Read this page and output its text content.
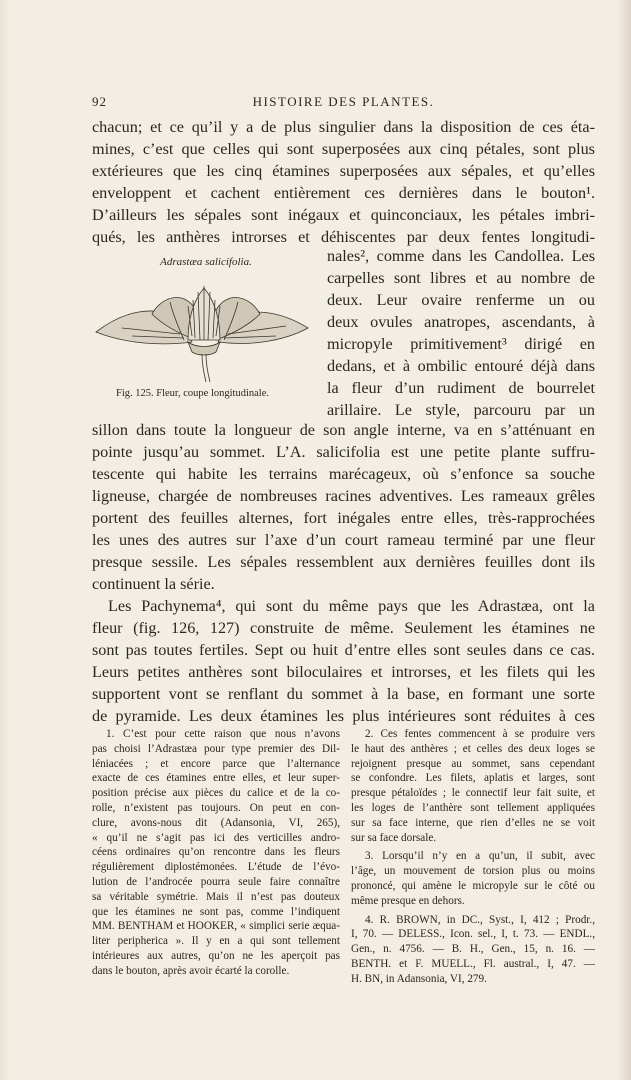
92	HISTOIRE DES PLANTES.
chacun; et ce qu’il y a de plus singulier dans la disposition de ces éta-
mines, c’est que celles qui sont superposées aux cinq pétales, sont plus
extérieures que les cinq étamines superposées aux sépales, et qu’elles
enveloppent et cachent entièrement ces dernières dans le bouton¹.
D’ailleurs les sépales sont inégaux et quinconciaux, les pétales imbri-
qués, les anthères introrses et déhiscentes par deux fentes longitudi-
Adrastæa salicifolia.
Fig. 125. Fleur, coupe longitudinale.
nales², comme dans les Candollea. Les
carpelles sont libres et au nombre de
deux. Leur ovaire renferme un ou
deux ovules anatropes, ascendants, à
micropyle primitivement³ dirigé en
dedans, et à ombilic entouré déjà dans
la fleur d’un rudiment de bourrelet
arillaire. Le style, parcouru par un
sillon dans toute la longueur de son angle interne, va en s’atténuant en
pointe jusqu’au sommet. L’A. salicifolia est une petite plante suffru-
tescente qui habite les terrains marécageux, où s’enfonce sa souche
ligneuse, chargée de nombreuses racines adventives. Les rameaux grêles
portent des feuilles alternes, fort inégales entre elles, très-rapprochées
les unes des autres sur l’axe d’un court rameau terminé par une fleur
presque sessile. Les sépales ressemblent aux dernières feuilles dont ils
continuent la série.
Les Pachynema⁴, qui sont du même pays que les Adrastæa, ont la
fleur (fig. 126, 127) construite de même. Seulement les étamines ne
sont pas toutes fertiles. Sept ou huit d’entre elles sont seules dans ce cas.
Leurs petites anthères sont biloculaires et introrses, et les filets qui les
supportent vont se renflant du sommet à la base, en formant une sorte
de pyramide. Les deux étamines les plus intérieures sont réduites à ces
1. C’est pour cette raison que nous n’avons
pas choisi l’Adrastæa pour type premier des Dil-
léniacées ; et encore parce que l’alternance
exacte de ces étamines entre elles, et leur super-
position précise aux pièces du calice et de la co-
rolle, n’existent pas toujours. On peut en con-
clure, avons-nous dit (Adansonia, VI, 265),
« qu’il ne s’agit pas ici des verticilles andro-
céens ordinaires qu’on rencontre dans les fleurs
régulièrement diplostémonées. L’étude de l’évo-
lution de l’androcée pourra seule faire connaître
sa véritable symétrie. Mais il n’est pas douteux
que les étamines ne sont pas, comme l’indiquent
MM. BENTHAM et HOOKER, « simplici serie æqua-
liter peripherica ». Il y en a qui sont tellement
intérieures aux autres, qu’on ne les aperçoit pas
dans le bouton, après avoir écarté la corolle.
2. Ces fentes commencent à se produire vers
le haut des anthères ; et celles des deux loges se
rejoignent presque au sommet, sans cependant
se confondre. Les filets, aplatis et larges, sont
presque pétaloïdes ; le connectif leur fait suite, et
les loges de l’anthère sont tellement appliquées
sur sa face interne, que rien d’elles ne se voit
sur sa face dorsale.
3. Lorsqu’il n’y en a qu’un, il subit, avec
l’âge, un mouvement de torsion plus ou moins
prononcé, qui amène le micropyle sur le côté ou
même presque en dehors.
4. R. BROWN, in DC., Syst., I, 412 ; Prodr.,
I, 70. — DELESS., Icon. sel., I, t. 73. — ENDL.,
Gen., n. 4756. — B. H., Gen., 15, n. 16. —
BENTH. et F. MUELL., Fl. austral., I, 47. —
H. BN, in Adansonia, VI, 279.
